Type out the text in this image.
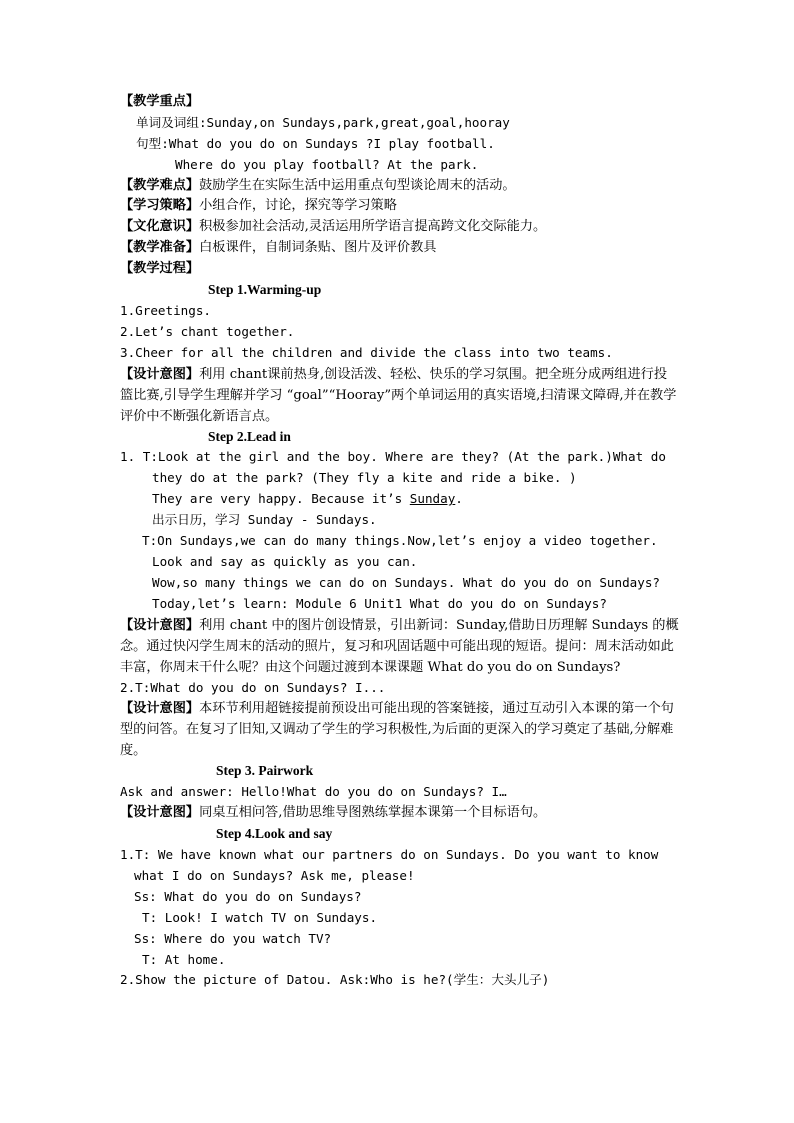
【教学重点】
单词及词组:Sunday,on Sundays,park,great,goal,hooray
句型:What do you do on Sundays ?I play football.
Where do you play football? At the park.
【教学难点】鼓励学生在实际生活中运用重点句型谈论周末的活动。
【学习策略】小组合作，讨论，探究等学习策略
【文化意识】积极参加社会活动,灵活运用所学语言提高跨文化交际能力。
【教学准备】白板课件，自制词条贴、图片及评价教具
【教学过程】
Step 1.Warming-up
1.Greetings.
2.Let’s chant together.
3.Cheer for all the children and divide the class into two teams.
【设计意图】利用 chant课前热身,创设活泼、轻松、快乐的学习氛围。把全班分成两组进行投篮比赛,引导学生理解并学习 “goal”“Hooray”两个单词运用的真实语境,扫清课文障碍,并在教学评价中不断强化新语言点。
Step 2.Lead in
1. T:Look at the girl and the boy. Where are they? (At the park.)What do
they do at the park? (They fly a kite and ride a bike. )
They are very happy. Because it’s Sunday.
出示日历，学习 Sunday - Sundays.
T:On Sundays,we can do many things.Now,let’s enjoy a video together.
Look and say as quickly as you can.
Wow,so many things we can do on Sundays. What do you do on Sundays?
Today,let’s learn: Module 6 Unit1 What do you do on Sundays?
【设计意图】利用 chant 中的图片创设情景，引出新词：Sunday,借助日历理解 Sundays 的概念。通过快闪学生周末的活动的照片，复习和巩固话题中可能出现的短语。提问：周末活动如此丰富，你周末干什么呢？由这个问题过渡到本课课题 What do you do on Sundays?
2.T:What do you do on Sundays? I...
【设计意图】本环节利用超链接提前预设出可能出现的答案链接，通过互动引入本课的第一个句型的问答。在复习了旧知,又调动了学生的学习积极性,为后面的更深入的学习奠定了基础,分解难度。
Step 3. Pairwork
Ask and answer: Hello!What do you do on Sundays? I…
【设计意图】同桌互相问答,借助思维导图熟练掌握本课第一个目标语句。
Step 4.Look and say
1.T: We have known what our partners do on Sundays. Do you want to know
what I do on Sundays? Ask me, please!
Ss: What do you do on Sundays?
T: Look! I watch TV on Sundays.
Ss: Where do you watch TV?
T: At home.
2.Show the picture of Datou. Ask:Who is he?(学生：大头儿子)
